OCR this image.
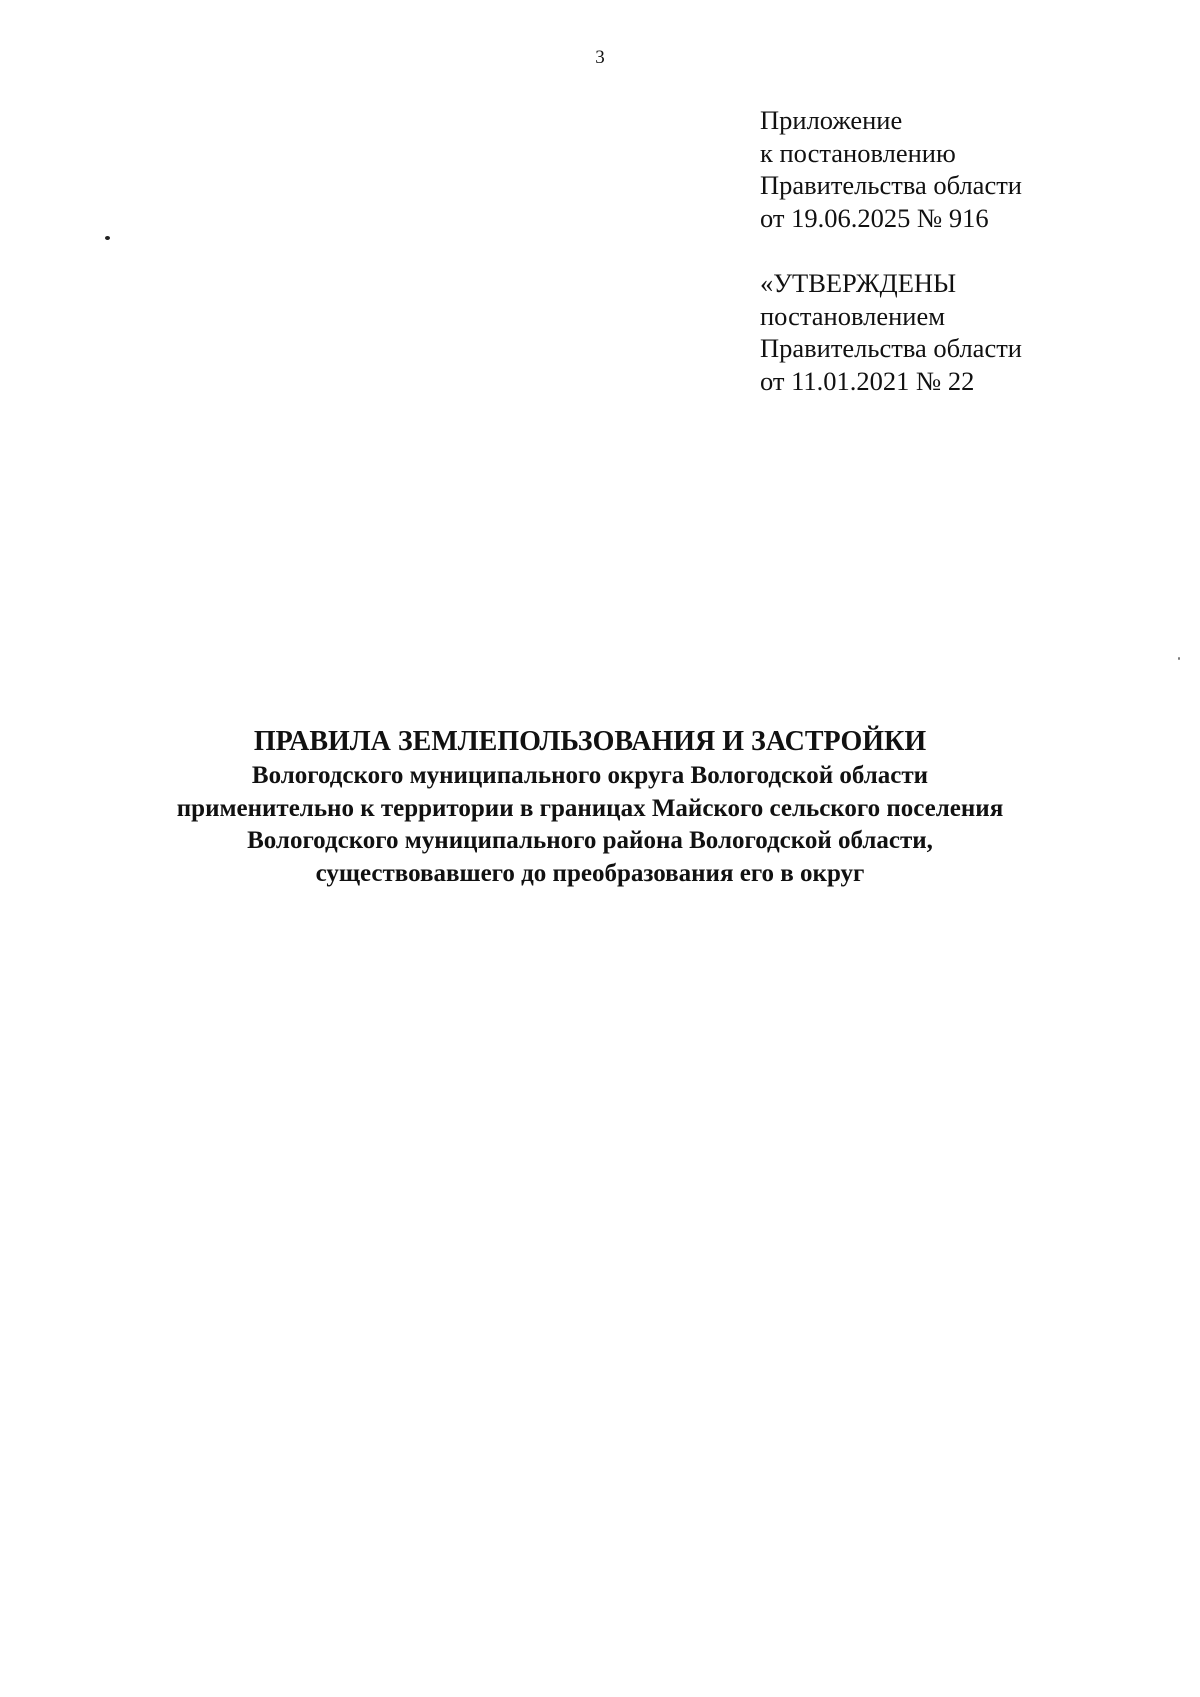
3
Приложение
к постановлению
Правительства области
от 19.06.2025 № 916
«УТВЕРЖДЕНЫ
постановлением
Правительства области
от 11.01.2021 № 22
ПРАВИЛА ЗЕМЛЕПОЛЬЗОВАНИЯ И ЗАСТРОЙКИ
Вологодского муниципального округа Вологодской области
применительно к территории в границах Майского сельского поселения
Вологодского муниципального района Вологодской области,
существовавшего до преобразования его в округ
